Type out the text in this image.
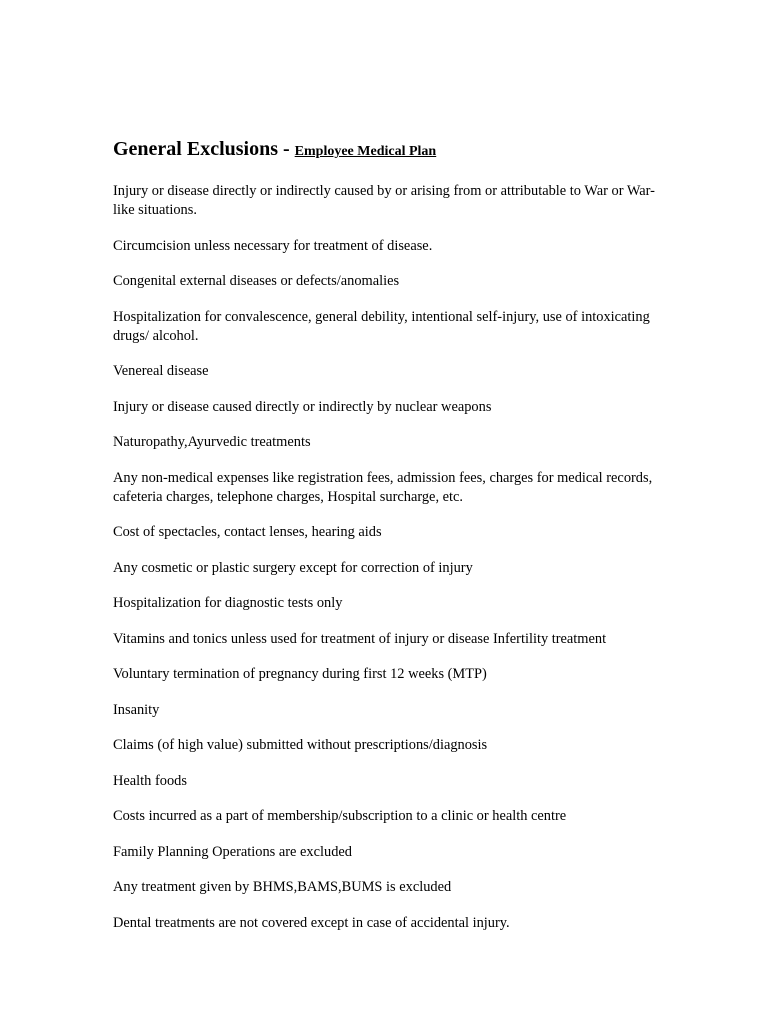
General Exclusions - Employee Medical Plan
Injury or disease directly or indirectly caused by or arising from or attributable to War or War-like situations.
Circumcision unless necessary for treatment of disease.
Congenital external diseases or defects/anomalies
Hospitalization for convalescence, general debility, intentional self-injury, use of intoxicating drugs/ alcohol.
Venereal disease
Injury or disease caused directly or indirectly by nuclear weapons
Naturopathy,Ayurvedic treatments
Any non-medical expenses like registration fees, admission fees, charges for medical records, cafeteria charges, telephone charges, Hospital surcharge, etc.
Cost of spectacles, contact lenses, hearing aids
Any cosmetic or plastic surgery except for correction of injury
Hospitalization for diagnostic tests only
Vitamins and tonics unless used for treatment of injury or disease Infertility treatment
Voluntary termination of pregnancy during first 12 weeks (MTP)
Insanity
Claims (of high value) submitted without prescriptions/diagnosis
Health foods
Costs incurred as a part of membership/subscription to a clinic or health centre
Family Planning Operations are excluded
Any treatment given by BHMS,BAMS,BUMS is excluded
Dental treatments are not covered except in case of accidental injury.
